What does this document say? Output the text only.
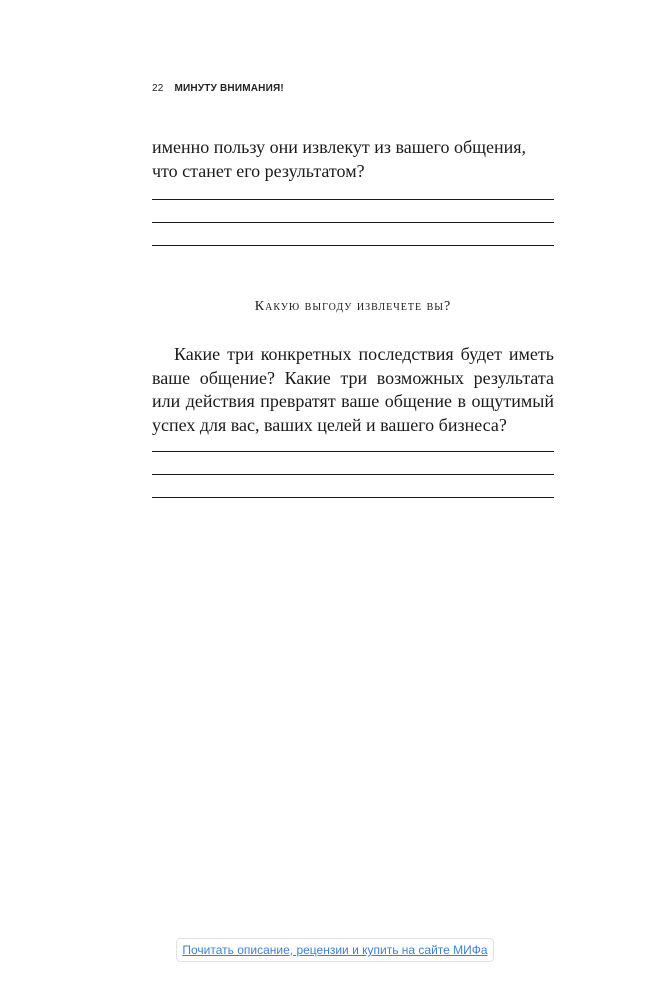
22 МИНУТУ ВНИМАНИЯ!
именно пользу они извлекут из вашего общения, что станет его результатом?
Какую выгоду извлечете вы?
Какие три конкретных последствия будет иметь ваше общение? Какие три возможных результата или действия превратят ваше общение в ощутимый успех для вас, ваших целей и вашего бизнеса?
Почитать описание, рецензии и купить на сайте МИФа
